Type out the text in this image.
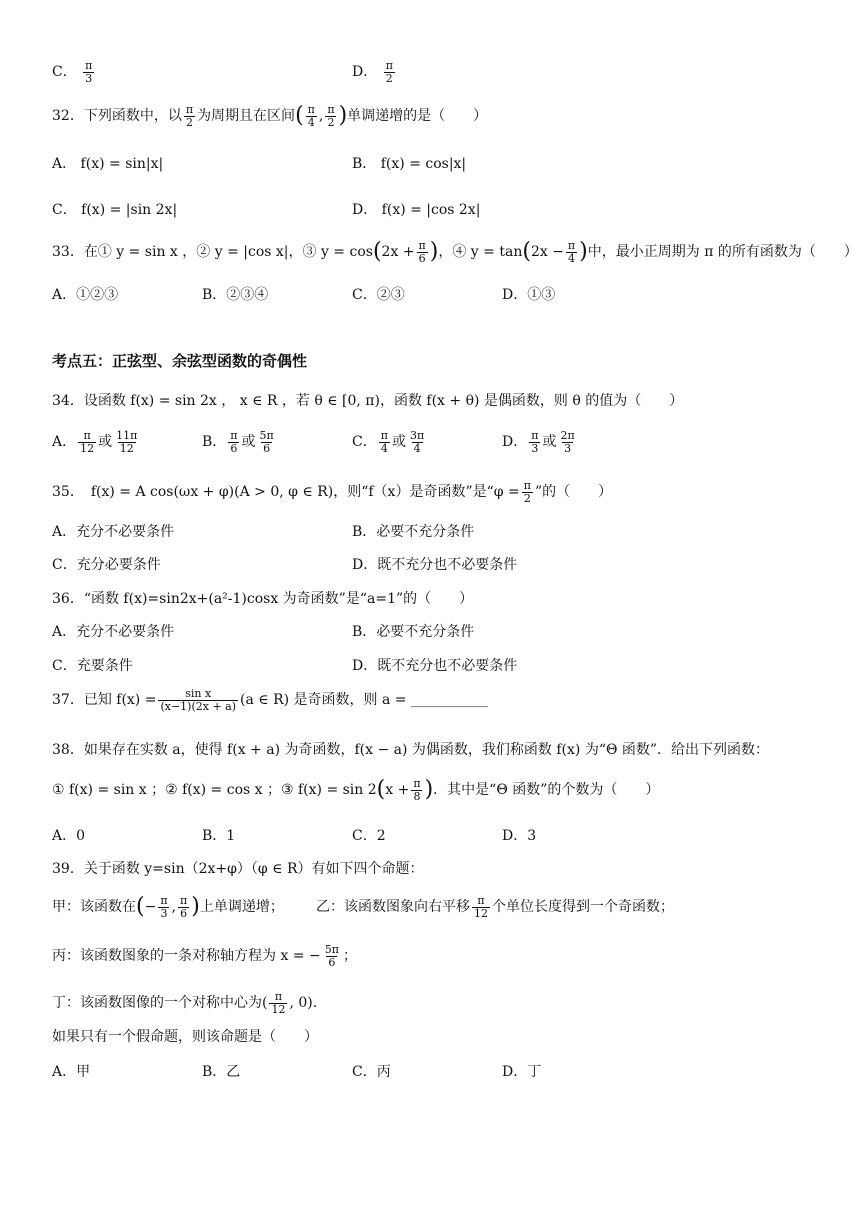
C． $\frac{\pi}{3}$	D． $\frac{\pi}{2}$
32．下列函数中，以 $\frac{\pi}{2}$ 为周期且在区间( $\frac{\pi}{4}$ , $\frac{\pi}{2}$ )单调递增的是（　　）
A． f(x) = sin|x|	B． f(x) = cos|x|
C． f(x) = |sin 2x|	D． f(x) = |cos 2x|
33．在① y = sin x ，② y = |cos x|，③ $y = \cos(2x + \frac{\pi}{6}$ )，④ $y = \tan(2x - \frac{\pi}{4}$ )中，最小正周期为 π 的所有函数为（　　）
A．①②③	B．②③④	C．②③	D．①③
考点五：正弦型、余弦型函数的奇偶性
34．设函数 f(x) = sin 2x ， x ∈ R ，若 θ ∈ [0, π)，函数 f(x + θ) 是偶函数，则 θ 的值为（　　）
A． $\frac{\pi}{12}$ 或 $\frac{11\pi}{12}$	B． $\frac{\pi}{6}$ 或 $\frac{5\pi}{6}$	C． $\frac{\pi}{4}$ 或 $\frac{3\pi}{4}$	D． $\frac{\pi}{3}$ 或 $\frac{2\pi}{3}$
35．　f(x) = A cos(ωx + φ)(A > 0, φ ∈ R)，则“f（x）是奇函数”是“$\varphi = \frac{\pi}{2}$ ”的（　　）
A．充分不必要条件	B．必要不充分条件
C．充分必要条件	D．既不充分也不必要条件
36．“函数 f(x)=sin2x+(a²-1)cosx 为奇函数”是“a=1”的（　　）
A．充分不必要条件	B．必要不充分条件
C．充要条件	D．既不充分也不必要条件
37．已知 $f(x) = \frac{\text{sin x}}{(x-1)(2x + a)} (a$ ∈ R) 是奇函数，则 a = ___________
38．如果存在实数 a，使得 f(x + a) 为奇函数，f(x − a) 为偶函数，我们称函数 f(x) 为“Θ 函数”．给出下列函数：
① f(x) = sin x ；② f(x) = cos x ；③ $f(x) = \sin 2(x + \frac{\pi}{8}$ )．其中是“Θ 函数”的个数为（　　）
A．0	B．1	C．2	D．3
39．关于函数 y=sin（2x+φ）（φ ∈ R）有如下四个命题：
甲：该函数在(− $\frac{\pi}{3}$ , $\frac{\pi}{6}$ )上单调递增； 乙：该函数图象向右平移 $\frac{\pi}{12}$ 个单位长度得到一个奇函数；
丙：该函数图象的一条对称轴方程为 x = − $\frac{5\pi}{6}$ ；
丁：该函数图像的一个对称中心为( $\frac{\pi}{12}$ , 0).
如果只有一个假命题，则该命题是（　　）
A．甲	B．乙	C．丙	D．丁
